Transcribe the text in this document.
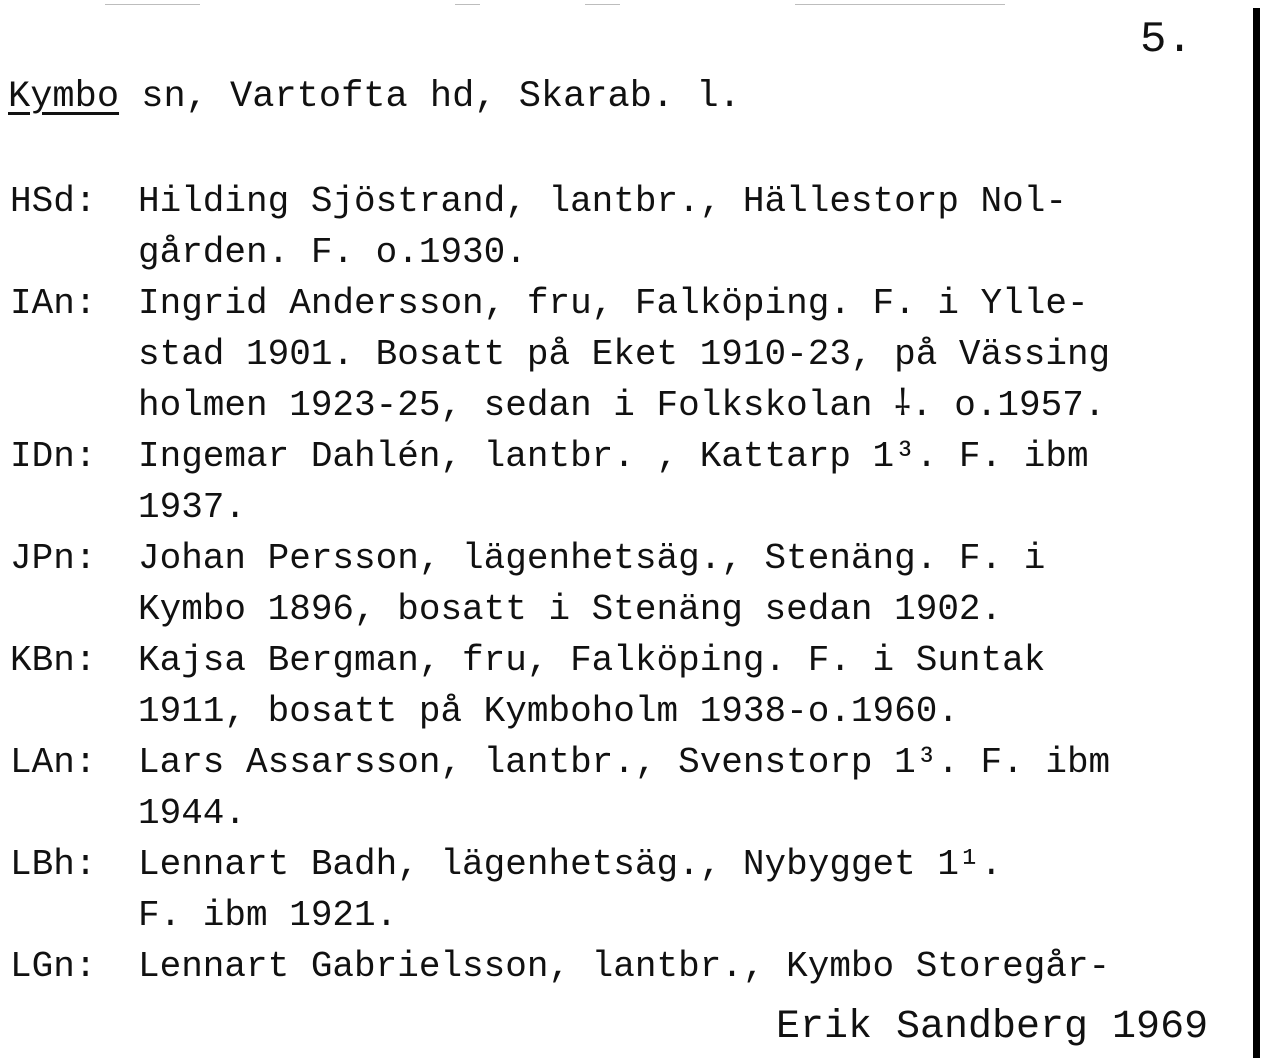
5.
Kymbo sn, Vartofta hd, Skarab. l.
HSd:	Hilding Sjöstrand, lantbr., Hällestorp Nol-
gården. F. o.1930.
IAn:	Ingrid Andersson, fru, Falköping. F. i Ylle-
stad 1901. Bosatt på Eket 1910-23, på Vässing
holmen 1923-25, sedan i Folkskolan ⸸. o.1957.
IDn:	Ingemar Dahlén, lantbr. , Kattarp 1³. F. ibm
1937.
JPn:	Johan Persson, lägenhetsäg., Stenäng. F. i
Kymbo 1896, bosatt i Stenäng sedan 1902.
KBn:	Kajsa Bergman, fru, Falköping. F. i Suntak
1911, bosatt på Kymboholm 1938-o.1960.
LAn:	Lars Assarsson, lantbr., Svenstorp 1³. F. ibm
1944.
LBh:	Lennart Badh, lägenhetsäg., Nybygget 1¹.
F. ibm 1921.
LGn:	Lennart Gabrielsson, lantbr., Kymbo Storegår-
Erik Sandberg 1969
